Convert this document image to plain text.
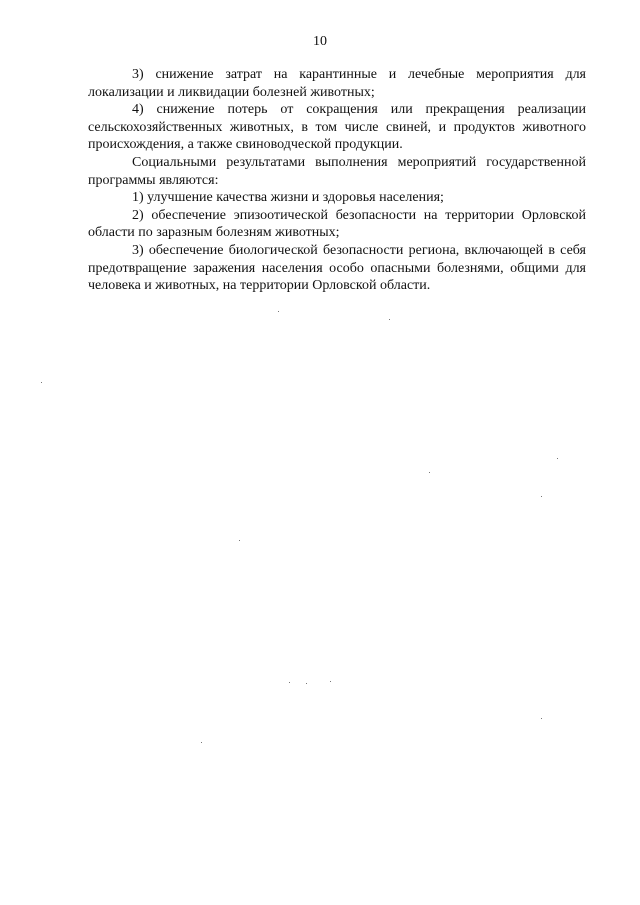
10

3) снижение затрат на карантинные и лечебные мероприятия для локализации и ликвидации болезней животных;

4) снижение потерь от сокращения или прекращения реализации сельскохозяйственных животных, в том числе свиней, и продуктов животного происхождения, а также свиноводческой продукции.

Социальными результатами выполнения мероприятий государственной программы являются:

1) улучшение качества жизни и здоровья населения;

2) обеспечение эпизоотической безопасности на территории Орловской области по заразным болезням животных;

3) обеспечение биологической безопасности региона, включающей в себя предотвращение заражения населения особо опасными болезнями, общими для человека и животных, на территории Орловской области.
